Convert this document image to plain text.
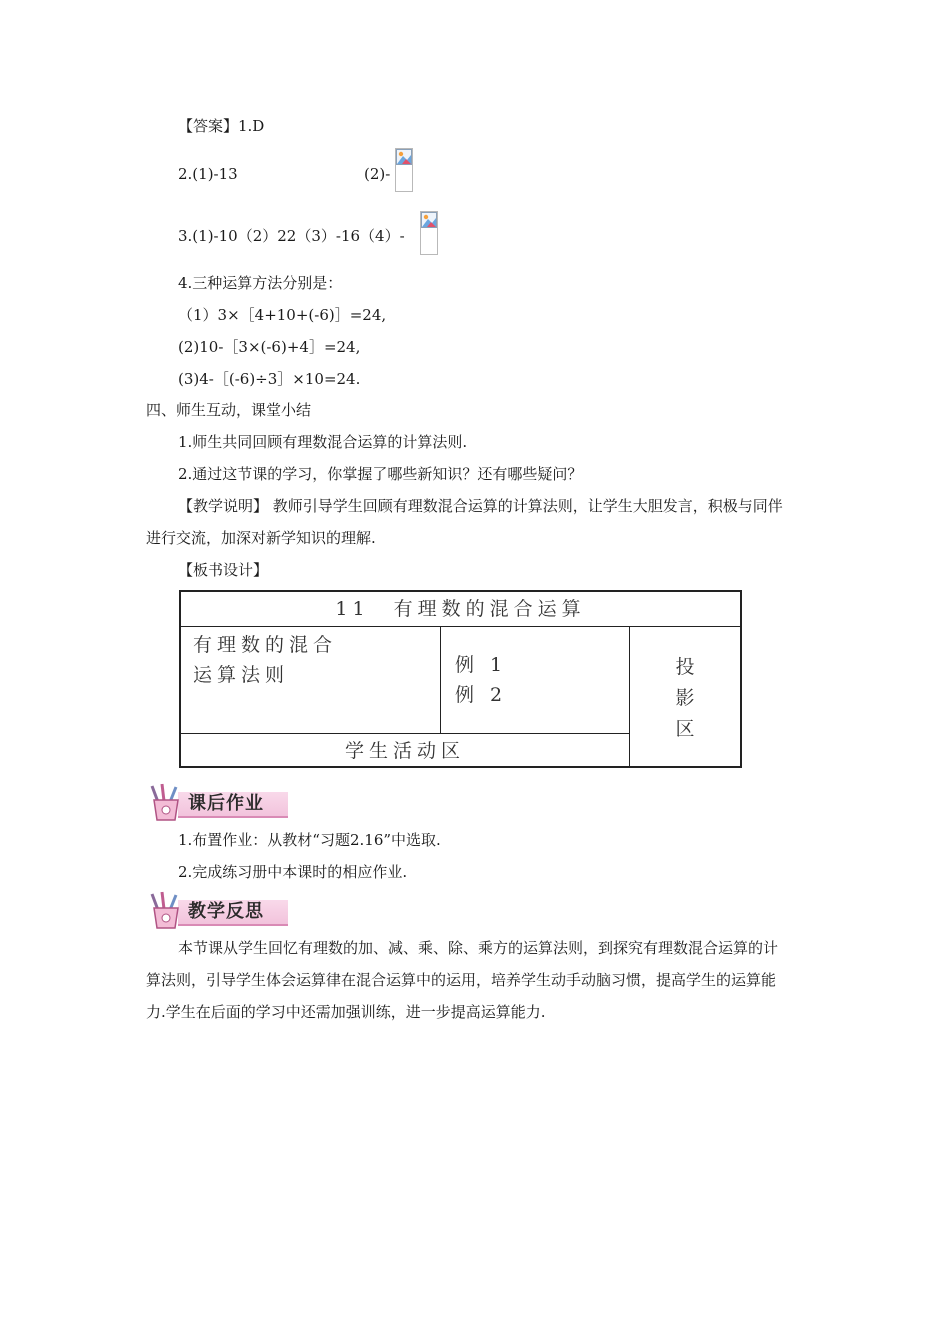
【答案】1.D
2.(1)-13	(2)-
3.(1)-10（2）22（3）-16（4）-
4.三种运算方法分别是：
（1）3×［4+10+(-6)］=24,
(2)10-［3×(-6)+4］=24,
(3)4-［(-6)÷3］×10=24.
四、师生互动，课堂小结
1.师生共同回顾有理数混合运算的计算法则.
2.通过这节课的学习，你掌握了哪些新知识？还有哪些疑问？
【教学说明】 教师引导学生回顾有理数混合运算的计算法则，让学生大胆发言，积极与同伴进行交流，加深对新学知识的理解.
【板书设计】
11　有理数的混合运算
有理数的混合
运算法则	例 1
例 2
投
影
区
学生活动区
课后作业
1.布置作业：从教材“习题2.16”中选取.
2.完成练习册中本课时的相应作业.
教学反思
本节课从学生回忆有理数的加、减、乘、除、乘方的运算法则，到探究有理数混合运算的计算法则，引导学生体会运算律在混合运算中的运用，培养学生动手动脑习惯，提高学生的运算能力.学生在后面的学习中还需加强训练，进一步提高运算能力.
